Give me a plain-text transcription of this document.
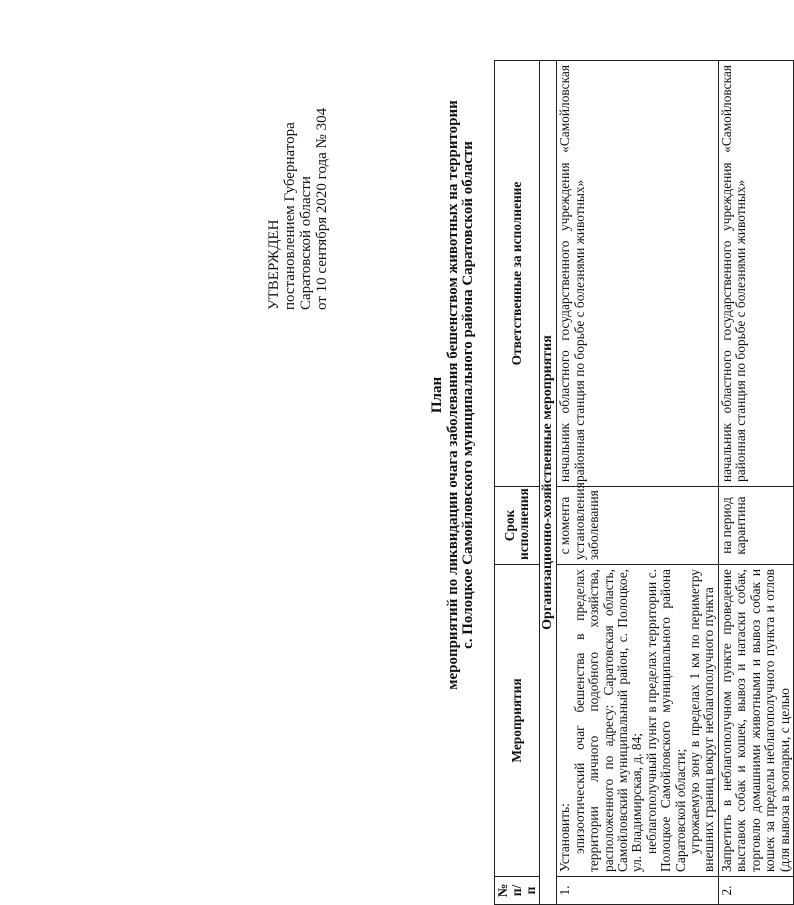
УТВЕРЖДЕН постановлением Губернатора Саратовской области от 10 сентября 2020 года № 304
План мероприятий по ликвидации очага заболевания бешенством животных на территории с. Полоцкое Самойловского муниципального района Саратовской области
№ п/п	Мероприятия	Срок исполнения	Ответственные за исполнение
Организационно-хозяйственные мероприятия			
1.	Установить: эпизоотический очаг бешенства в пределах территории личного подобного хозяйства, расположенного по адресу: Саратовская область, Самойловский муниципальный район, с. Полоцкое, ул. Владимирская, д. 84; неблагополучный пункт в пределах территории с. Полоцкое Самойловского муниципального района Саратовской области; угрожаемую зону в пределах 1 км по периметру внешних границ вокруг неблагополучного пункта	с момента установления заболевания	начальник областного государственного учреждения «Самойловская районная станция по борьбе с болезнями животных»
2.	Запретить в неблагополучном пункте проведение выставок собак и кошек, вывоз и натаски собак, торговлю домашними животными и вывоз собак и кошек за пределы неблагополучного пункта и отлов (для вывоза в зоопарки, с целью	на период карантина	начальник областного государственного учреждения «Самойловская районная станция по борьбе с болезнями животных»
